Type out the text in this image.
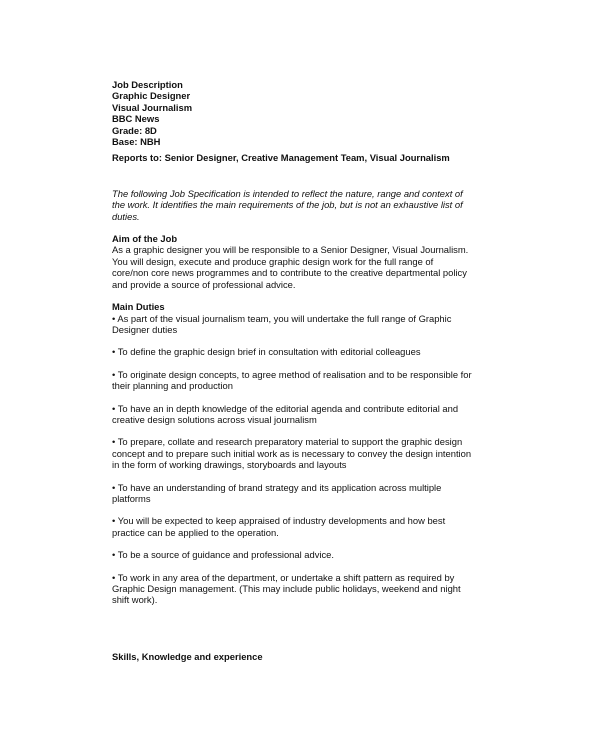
Job Description
Graphic Designer
Visual Journalism
BBC News
Grade: 8D
Base: NBH

Reports to: Senior Designer, Creative Management Team, Visual Journalism

The following Job Specification is intended to reflect the nature, range and context of the work. It identifies the main requirements of the job, but is not an exhaustive list of duties.

Aim of the Job

As a graphic designer you will be responsible to a Senior Designer, Visual Journalism. You will design, execute and produce graphic design work for the full range of core/non core news programmes and to contribute to the creative departmental policy and provide a source of professional advice.

Main Duties

• As part of the visual journalism team, you will undertake the full range of Graphic Designer duties

• To define the graphic design brief in consultation with editorial colleagues

• To originate design concepts, to agree method of realisation and to be responsible for their planning and production

• To have an in depth knowledge of the editorial agenda and contribute editorial and creative design solutions across visual journalism

• To prepare, collate and research preparatory material to support the graphic design concept and to prepare such initial work as is necessary to convey the design intention in the form of working drawings, storyboards and layouts

• To have an understanding of brand strategy and its application across multiple platforms

• You will be expected to keep appraised of industry developments and how best practice can be applied to the operation.

• To be a source of guidance and professional advice.

• To work in any area of the department, or undertake a shift pattern as required by Graphic Design management. (This may include public holidays, weekend and night shift work).

Skills, Knowledge and experience
